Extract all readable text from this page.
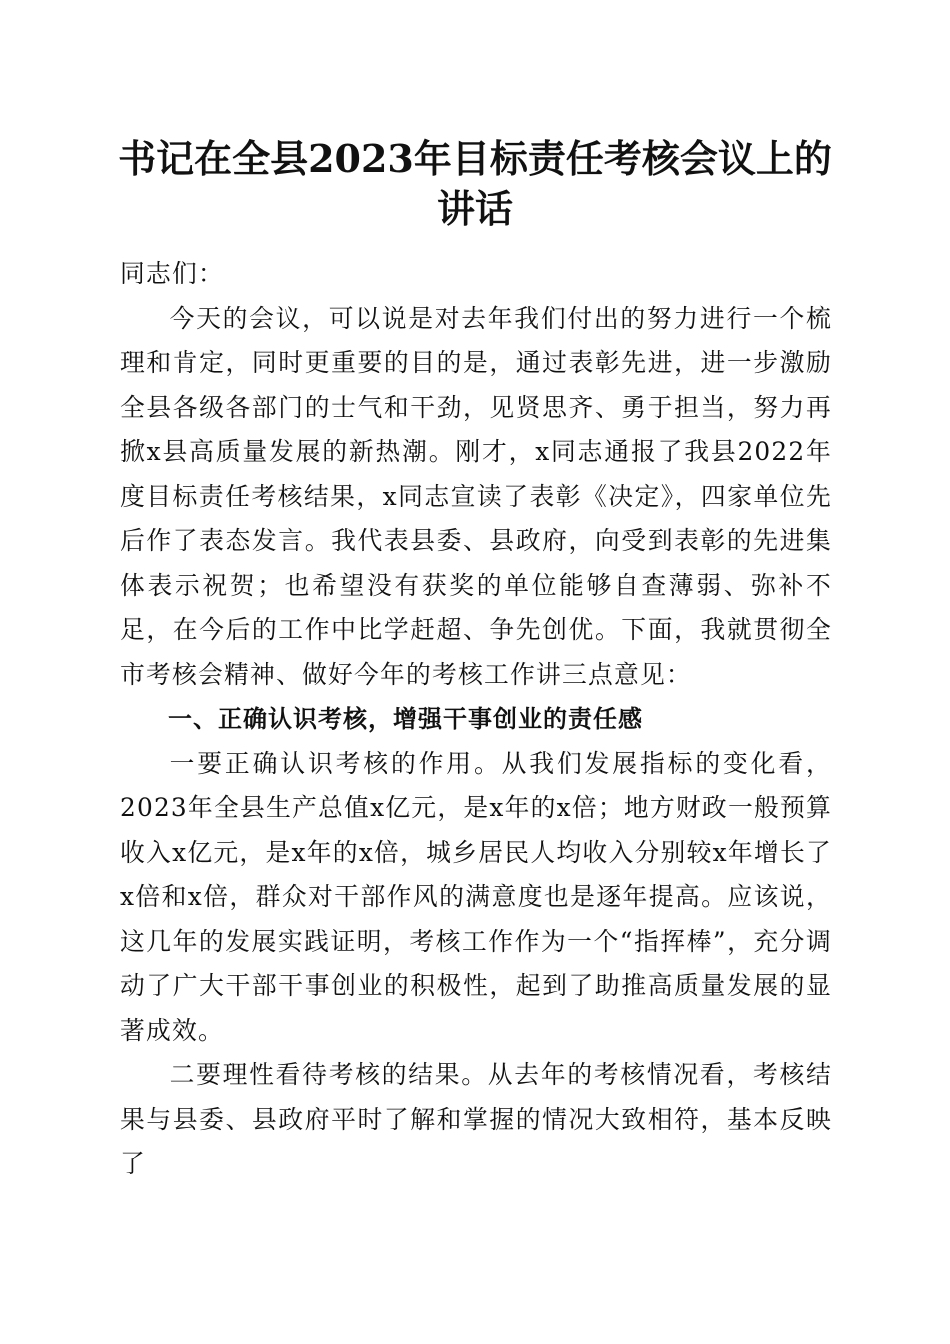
书记在全县2023年目标责任考核会议上的讲话

同志们：

今天的会议，可以说是对去年我们付出的努力进行一个梳理和肯定，同时更重要的目的是，通过表彰先进，进一步激励全县各级各部门的士气和干劲，见贤思齐、勇于担当，努力再掀x县高质量发展的新热潮。刚才，x同志通报了我县2022年度目标责任考核结果，x同志宣读了表彰《决定》，四家单位先后作了表态发言。我代表县委、县政府，向受到表彰的先进集体表示祝贺；也希望没有获奖的单位能够自查薄弱、弥补不足，在今后的工作中比学赶超、争先创优。下面，我就贯彻全市考核会精神、做好今年的考核工作讲三点意见：

一、正确认识考核，增强干事创业的责任感

一要正确认识考核的作用。从我们发展指标的变化看，2023年全县生产总值x亿元，是x年的x倍；地方财政一般预算收入x亿元，是x年的x倍，城乡居民人均收入分别较x年增长了x倍和x倍，群众对干部作风的满意度也是逐年提高。应该说，这几年的发展实践证明，考核工作作为一个“指挥棒”，充分调动了广大干部干事创业的积极性，起到了助推高质量发展的显著成效。

二要理性看待考核的结果。从去年的考核情况看，考核结果与县委、县政府平时了解和掌握的情况大致相符，基本反映了
